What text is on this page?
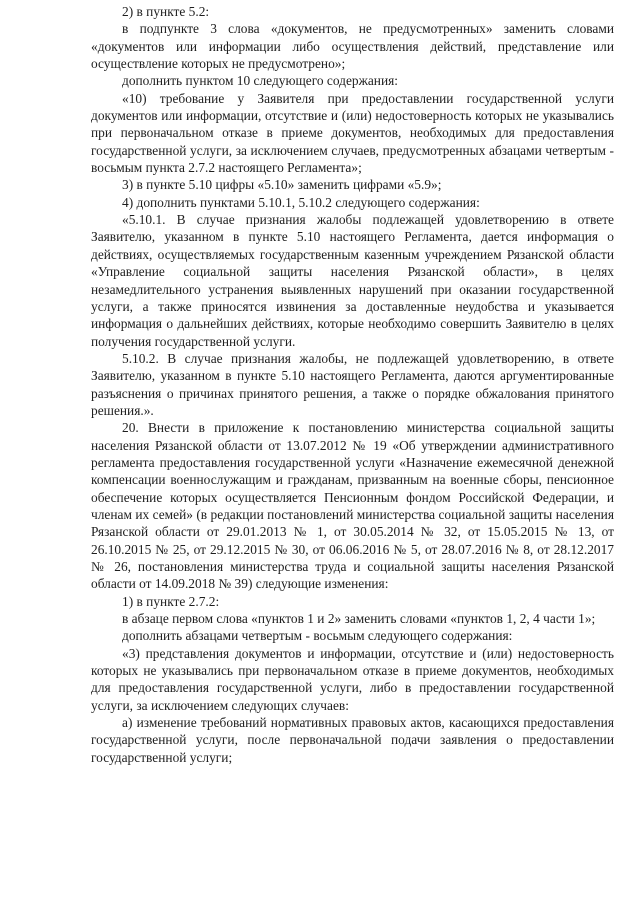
2) в пункте 5.2:

в подпункте 3 слова «документов, не предусмотренных» заменить словами «документов или информации либо осуществления действий, представление или осуществление которых не предусмотрено»;

дополнить пунктом 10 следующего содержания:

«10) требование у Заявителя при предоставлении государственной услуги документов или информации, отсутствие и (или) недостоверность которых не указывались при первоначальном отказе в приеме документов, необходимых для предоставления государственной услуги, за исключением случаев, предусмотренных абзацами четвертым - восьмым пункта 2.7.2 настоящего Регламента»;

3) в пункте 5.10 цифры «5.10» заменить цифрами «5.9»;

4) дополнить пунктами 5.10.1, 5.10.2 следующего содержания:

«5.10.1. В случае признания жалобы подлежащей удовлетворению в ответе Заявителю, указанном в пункте 5.10 настоящего Регламента, дается информация о действиях, осуществляемых государственным казенным учреждением Рязанской области «Управление социальной защиты населения Рязанской области», в целях незамедлительного устранения выявленных нарушений при оказании государственной услуги, а также приносятся извинения за доставленные неудобства и указывается информация о дальнейших действиях, которые необходимо совершить Заявителю в целях получения государственной услуги.

5.10.2. В случае признания жалобы, не подлежащей удовлетворению, в ответе Заявителю, указанном в пункте 5.10 настоящего Регламента, даются аргументированные разъяснения о причинах принятого решения, а также о порядке обжалования принятого решения.».

20. Внести в приложение к постановлению министерства социальной защиты населения Рязанской области от 13.07.2012 № 19 «Об утверждении административного регламента предоставления государственной услуги «Назначение ежемесячной денежной компенсации военнослужащим и гражданам, призванным на военные сборы, пенсионное обеспечение которых осуществляется Пенсионным фондом Российской Федерации, и членам их семей» (в редакции постановлений министерства социальной защиты населения Рязанской области от 29.01.2013 № 1, от 30.05.2014 № 32, от 15.05.2015 № 13, от 26.10.2015 № 25, от 29.12.2015 № 30, от 06.06.2016 № 5, от 28.07.2016 № 8, от 28.12.2017 № 26, постановления министерства труда и социальной защиты населения Рязанской области от 14.09.2018 № 39) следующие изменения:

1) в пункте 2.7.2:

в абзаце первом слова «пунктов 1 и 2» заменить словами «пунктов 1, 2, 4 части 1»;

дополнить абзацами четвертым - восьмым следующего содержания:

«3) представления документов и информации, отсутствие и (или) недостоверность которых не указывались при первоначальном отказе в приеме документов, необходимых для предоставления государственной услуги, либо в предоставлении государственной услуги, за исключением следующих случаев:

а) изменение требований нормативных правовых актов, касающихся предоставления государственной услуги, после первоначальной подачи заявления о предоставлении государственной услуги;
